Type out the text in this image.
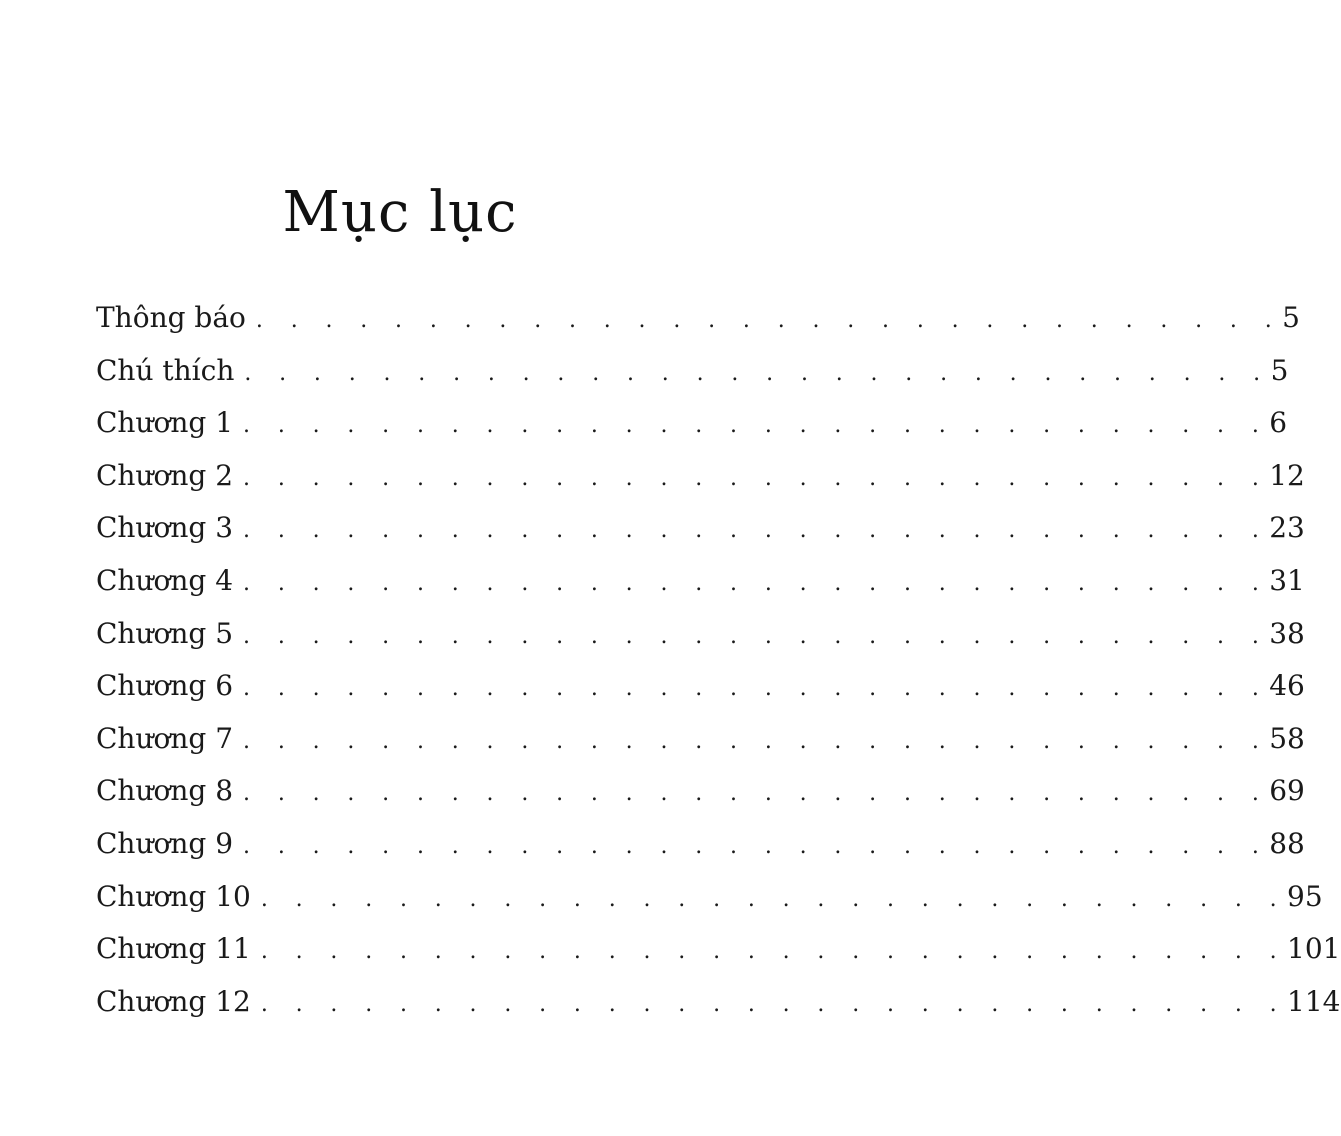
Mục lục
Thông báo . . . . . . . . . . . . . . . . . . . . . . . . . . . . . . 5
Chú thích . . . . . . . . . . . . . . . . . . . . . . . . . . . . . . 5
Chương 1 . . . . . . . . . . . . . . . . . . . . . . . . . . . . . . 6
Chương 2 . . . . . . . . . . . . . . . . . . . . . . . . . . . . . . 12
Chương 3 . . . . . . . . . . . . . . . . . . . . . . . . . . . . . . 23
Chương 4 . . . . . . . . . . . . . . . . . . . . . . . . . . . . . . 31
Chương 5 . . . . . . . . . . . . . . . . . . . . . . . . . . . . . . 38
Chương 6 . . . . . . . . . . . . . . . . . . . . . . . . . . . . . . 46
Chương 7 . . . . . . . . . . . . . . . . . . . . . . . . . . . . . . 58
Chương 8 . . . . . . . . . . . . . . . . . . . . . . . . . . . . . . 69
Chương 9 . . . . . . . . . . . . . . . . . . . . . . . . . . . . . . 88
Chương 10 . . . . . . . . . . . . . . . . . . . . . . . . . . . . . . 95
Chương 11 . . . . . . . . . . . . . . . . . . . . . . . . . . . . . . 101
Chương 12 . . . . . . . . . . . . . . . . . . . . . . . . . . . . . . 114
